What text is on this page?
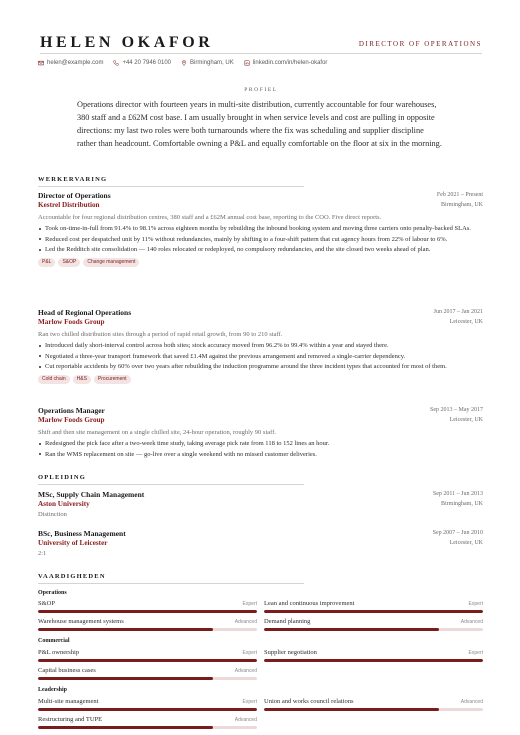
HELEN OKAFOR	DIRECTOR OF OPERATIONS
helen@example.com	+44 20 7946 0100	Birmingham, UK	linkedin.com/in/helen-okafor
PROFIEL
Operations director with fourteen years in multi-site distribution, currently accountable for four warehouses, 380 staff and a £62M cost base. I am usually brought in when service levels and cost are pulling in opposite directions: my last two roles were both turnarounds where the fix was scheduling and supplier discipline rather than headcount. Comfortable owning a P&L and equally comfortable on the floor at six in the morning.
WERKERVARING
Director of Operations	Feb 2021 – Present
Kestrel Distribution	Birmingham, UK
Accountable for four regional distribution centres, 380 staff and a £62M annual cost base, reporting to the COO. Five direct reports.
Took on-time-in-full from 91.4% to 98.1% across eighteen months by rebuilding the inbound booking system and moving three carriers onto penalty-backed SLAs.
Reduced cost per despatched unit by 11% without redundancies, mainly by shifting to a four-shift pattern that cut agency hours from 22% of labour to 6%.
Led the Redditch site consolidation — 140 roles relocated or redeployed, no compulsory redundancies, and the site closed two weeks ahead of plan.
P&L	S&OP	Change management
Head of Regional Operations	Jun 2017 – Jan 2021
Marlow Foods Group	Leicester, UK
Ran two chilled distribution sites through a period of rapid retail growth, from 90 to 210 staff.
Introduced daily short-interval control across both sites; stock accuracy moved from 96.2% to 99.4% within a year and stayed there.
Negotiated a three-year transport framework that saved £1.4M against the previous arrangement and removed a single-carrier dependency.
Cut reportable accidents by 60% over two years after rebuilding the induction programme around the three incident types that accounted for most of them.
Cold chain	H&S	Procurement
Operations Manager	Sep 2013 – May 2017
Marlow Foods Group	Leicester, UK
Shift and then site management on a single chilled site, 24-hour operation, roughly 90 staff.
Redesigned the pick face after a two-week time study, taking average pick rate from 118 to 152 lines an hour.
Ran the WMS replacement on site — go-live over a single weekend with no missed customer deliveries.
OPLEIDING
MSc, Supply Chain Management	Sep 2011 – Jun 2013
Aston University	Birmingham, UK
Distinction
BSc, Business Management	Sep 2007 – Jun 2010
University of Leicester	Leicester, UK
2:1
VAARDIGHEDEN
Operations
S&OP	Expert Lean and continuous improvement	Expert
Warehouse management systems	Advanced Demand planning	Advanced
Commercial
P&L ownership	Expert Supplier negotiation	Expert
Capital business cases	Advanced
Leadership
Multi-site management	Expert Union and works council relations	Advanced
Restructuring and TUPE	Advanced
